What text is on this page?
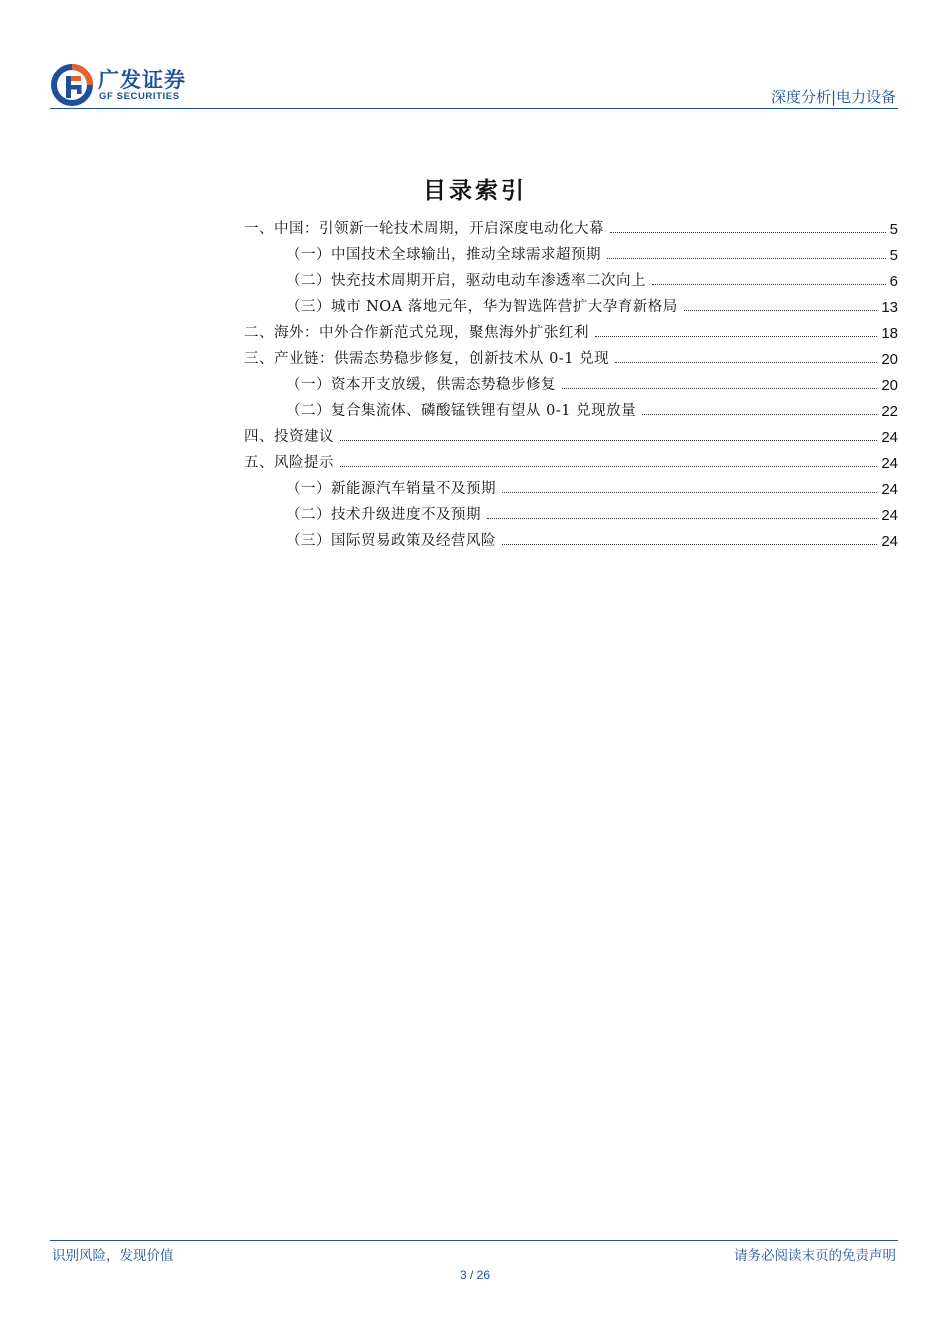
广发证券
GF SECURITIES	深度分析|电力设备
目录索引
一、中国：引领新一轮技术周期，开启深度电动化大幕	5
（一）中国技术全球输出，推动全球需求超预期	5
（二）快充技术周期开启，驱动电动车渗透率二次向上	6
（三）城市 NOA 落地元年，华为智选阵营扩大孕育新格局	13
二、海外：中外合作新范式兑现，聚焦海外扩张红利	18
三、产业链：供需态势稳步修复，创新技术从 0-1 兑现	20
（一）资本开支放缓，供需态势稳步修复	20
（二）复合集流体、磷酸锰铁锂有望从 0-1 兑现放量	22
四、投资建议	24
五、风险提示	24
（一）新能源汽车销量不及预期	24
（二）技术升级进度不及预期	24
（三）国际贸易政策及经营风险	24
识别风险，发现价值	请务必阅读末页的免责声明
3 / 26
